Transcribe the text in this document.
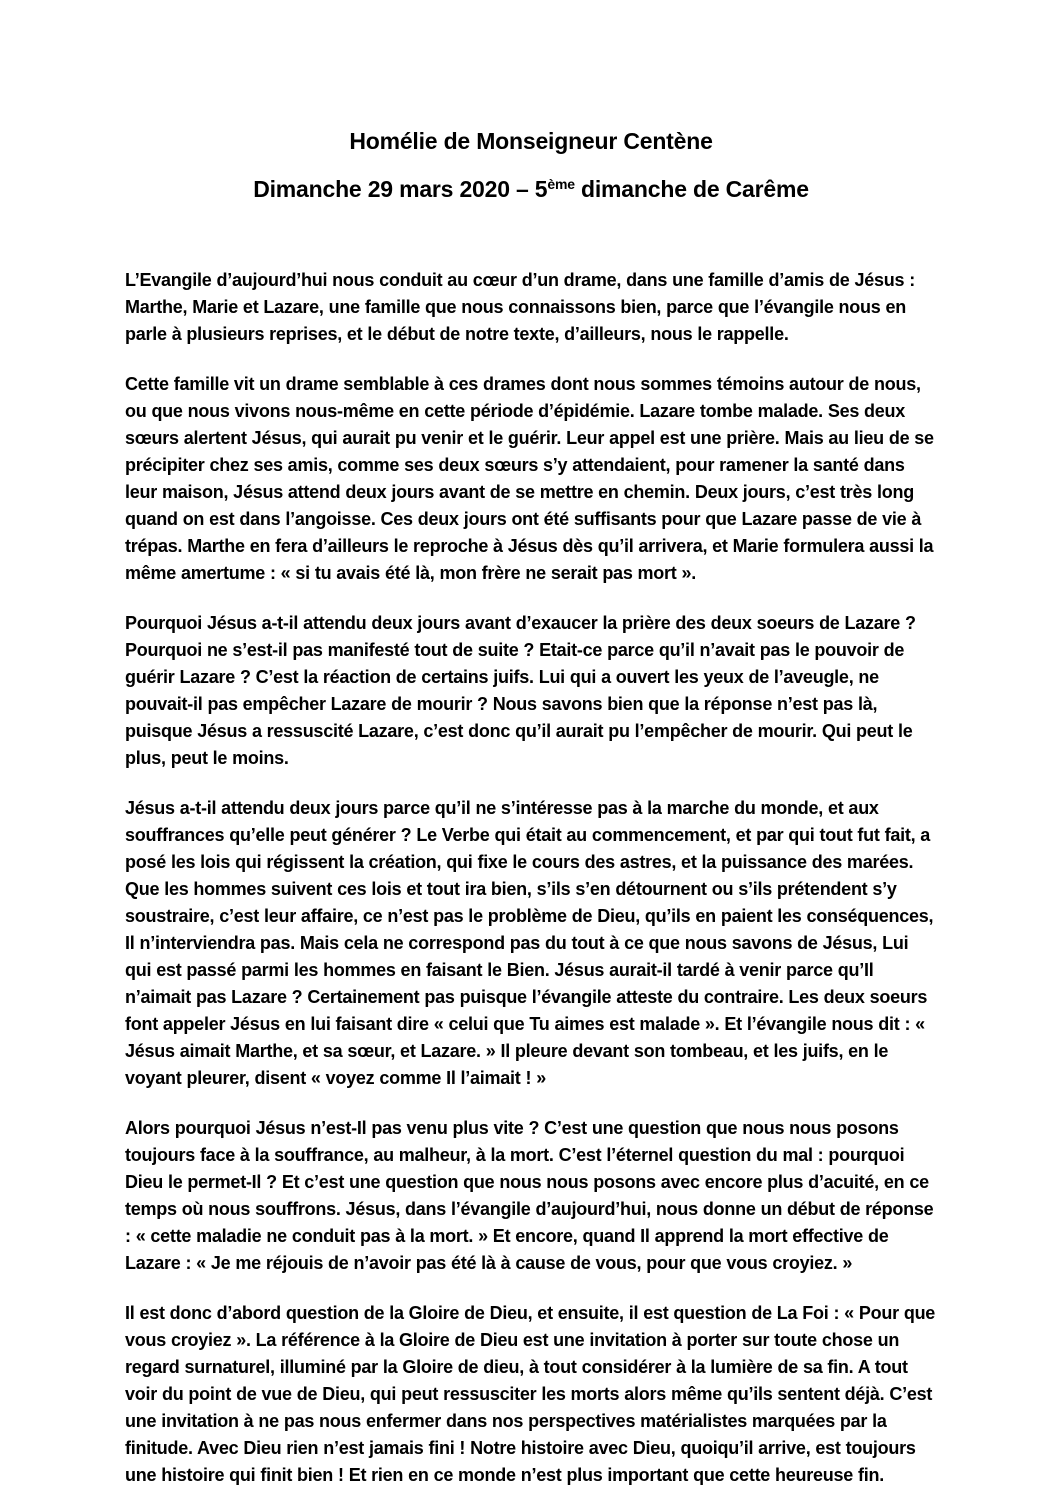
Homélie de Monseigneur Centène
Dimanche 29 mars 2020 – 5ème dimanche de Carême

L’Evangile d’aujourd’hui nous conduit au cœur d’un drame, dans une famille d’amis de Jésus : Marthe, Marie et Lazare, une famille que nous connaissons bien, parce que l’évangile nous en parle à plusieurs reprises, et le début de notre texte, d’ailleurs, nous le rappelle.

Cette famille vit un drame semblable à ces drames dont nous sommes témoins autour de nous, ou que nous vivons nous-même en cette période d’épidémie. Lazare tombe malade. Ses deux sœurs alertent Jésus, qui aurait pu venir et le guérir. Leur appel est une prière. Mais au lieu de se précipiter chez ses amis, comme ses deux sœurs s’y attendaient, pour ramener la santé dans leur maison, Jésus attend deux jours avant de se mettre en chemin. Deux jours, c’est très long quand on est dans l’angoisse. Ces deux jours ont été suffisants pour que Lazare passe de vie à trépas. Marthe en fera d’ailleurs le reproche à Jésus dès qu’il arrivera, et Marie formulera aussi la même amertume : « si tu avais été là, mon frère ne serait pas mort ».

Pourquoi Jésus a-t-il attendu deux jours avant d’exaucer la prière des deux soeurs de Lazare ? Pourquoi ne s’est-il pas manifesté tout de suite ? Etait-ce parce qu’il n’avait pas le pouvoir de guérir Lazare ? C’est la réaction de certains juifs. Lui qui a ouvert les yeux de l’aveugle, ne pouvait-il pas empêcher Lazare de mourir ? Nous savons bien que la réponse n’est pas là, puisque Jésus a ressuscité Lazare, c’est donc qu’il aurait pu l’empêcher de mourir. Qui peut le plus, peut le moins.

Jésus a-t-il attendu deux jours parce qu’il ne s’intéresse pas à la marche du monde, et aux souffrances qu’elle peut générer ? Le Verbe qui était au commencement, et par qui tout fut fait, a posé les lois qui régissent la création, qui fixe le cours des astres, et la puissance des marées. Que les hommes suivent ces lois et tout ira bien, s’ils s’en détournent ou s’ils prétendent s’y soustraire, c’est leur affaire, ce n’est pas le problème de Dieu, qu’ils en paient les conséquences, Il n’interviendra pas. Mais cela ne correspond pas du tout à ce que nous savons de Jésus, Lui qui est passé parmi les hommes en faisant le Bien. Jésus aurait-il tardé à venir parce qu’Il n’aimait pas Lazare ? Certainement pas puisque l’évangile atteste du contraire. Les deux soeurs font appeler Jésus en lui faisant dire « celui que Tu aimes est malade ». Et l’évangile nous dit : « Jésus aimait Marthe, et sa sœur, et Lazare. » Il pleure devant son tombeau, et les juifs, en le voyant pleurer, disent « voyez comme Il l’aimait ! »

Alors pourquoi Jésus n’est-Il pas venu plus vite ? C’est une question que nous nous posons toujours face à la souffrance, au malheur, à la mort. C’est l’éternel question du mal : pourquoi Dieu le permet-Il ? Et c’est une question que nous nous posons avec encore plus d’acuité, en ce temps où nous souffrons. Jésus, dans l’évangile d’aujourd’hui, nous donne un début de réponse : « cette maladie ne conduit pas à la mort. » Et encore, quand Il apprend la mort effective de Lazare : « Je me réjouis de n’avoir pas été là à cause de vous, pour que vous croyiez. »

Il est donc d’abord question de la Gloire de Dieu, et ensuite, il est question de La Foi : « Pour que vous croyiez ». La référence à la Gloire de Dieu est une invitation à porter sur toute chose un regard surnaturel, illuminé par la Gloire de dieu, à tout considérer à la lumière de sa fin. A tout voir du point de vue de Dieu, qui peut ressusciter les morts alors même qu’ils sentent déjà. C’est une invitation à ne pas nous enfermer dans nos perspectives matérialistes marquées par la finitude. Avec Dieu rien n’est jamais fini ! Notre histoire avec Dieu, quoiqu’il arrive, est toujours une histoire qui finit bien ! Et rien en ce monde n’est plus important que cette heureuse fin.
